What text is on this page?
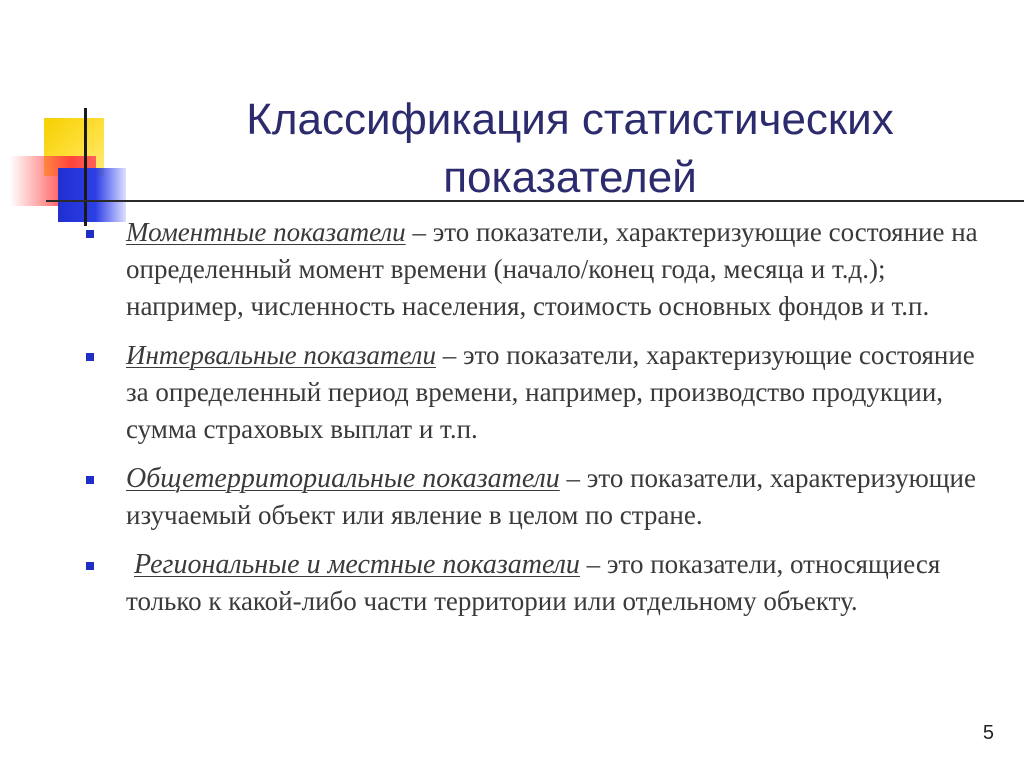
Классификация статистических показателей
Моментные показатели – это показатели, характеризующие состояние на определенный момент времени (начало/конец года, месяца и т.д.); например, численность населения, стоимость основных фондов и т.п.
Интервальные показатели – это показатели, характеризующие состояние за определенный период времени, например, производство продукции, сумма страховых выплат и т.п.
Общетерриториальные показатели – это показатели, характеризующие изучаемый объект или явление в целом по стране.
Региональные и местные показатели – это показатели, относящиеся только к какой-либо части территории или отдельному объекту.
5
